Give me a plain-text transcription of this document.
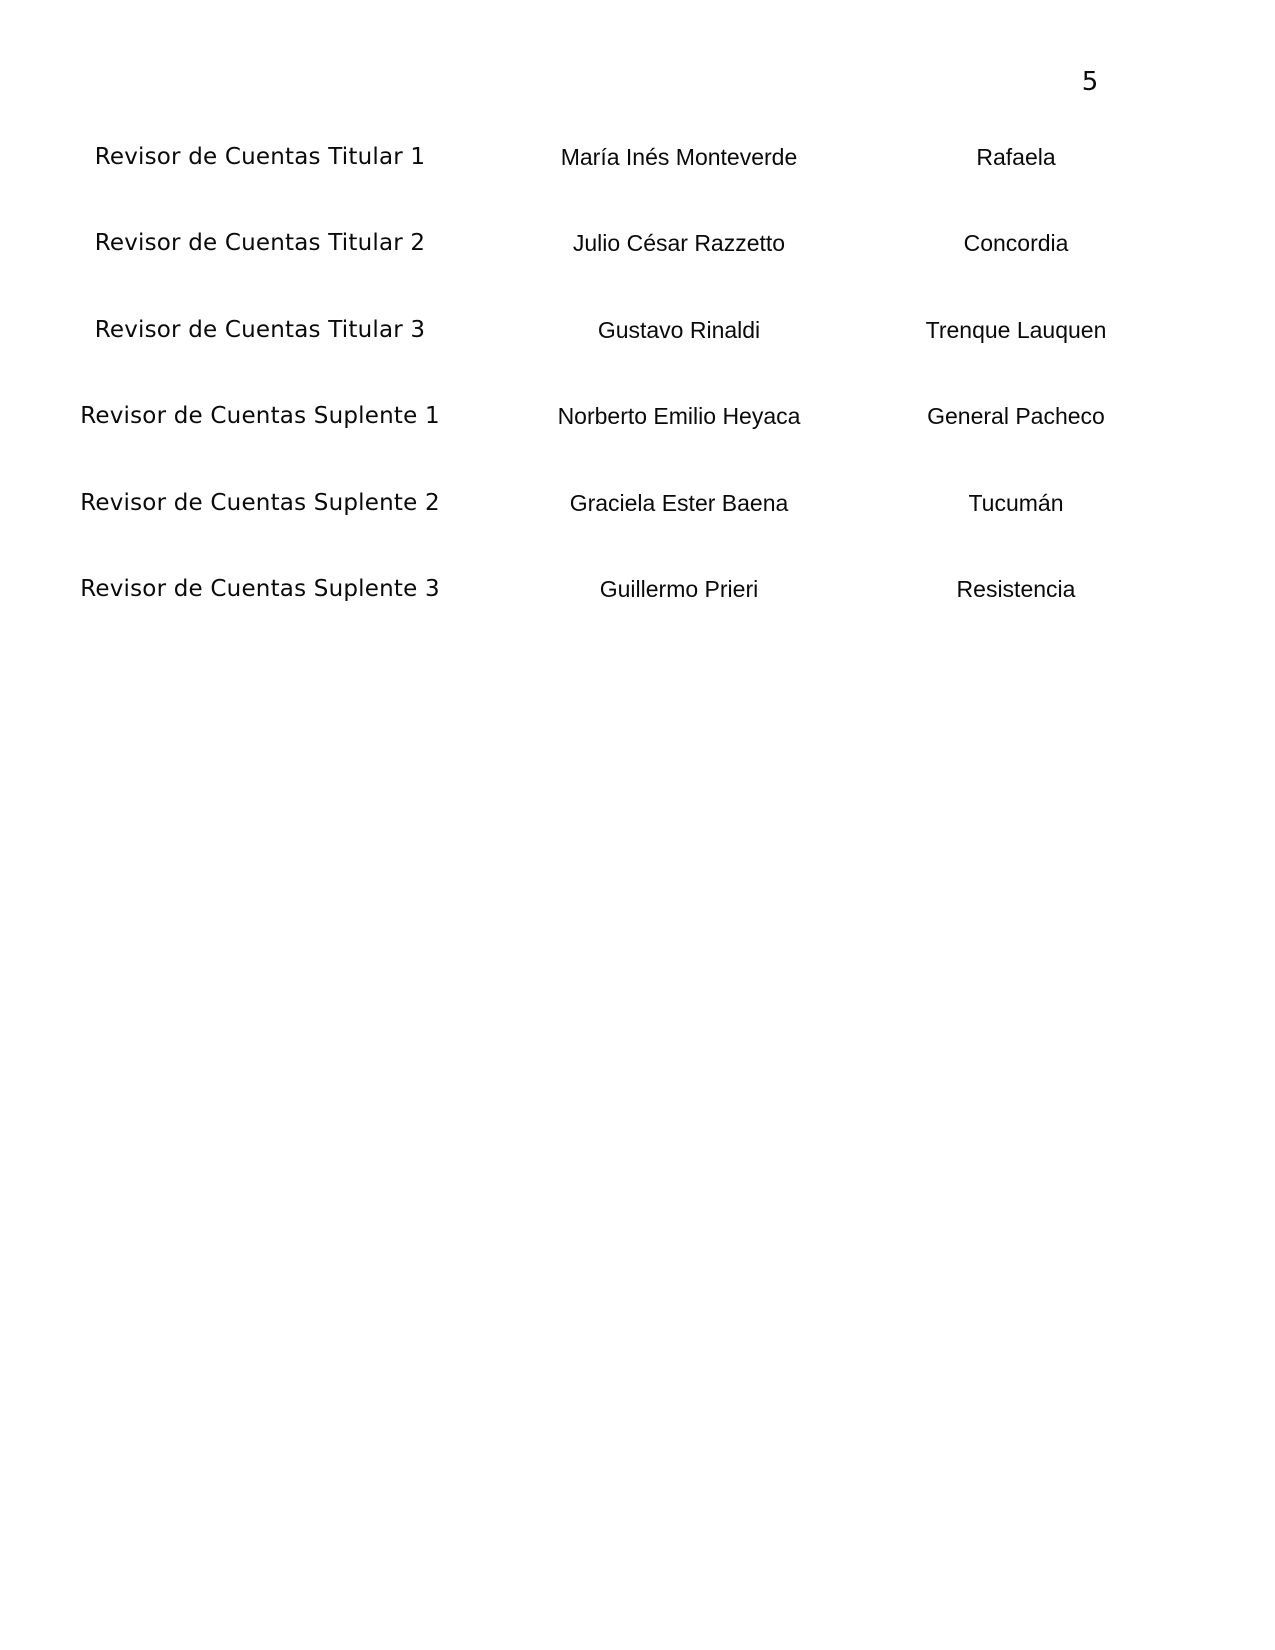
5
Revisor de Cuentas Titular 1	María Inés Monteverde	Rafaela
Revisor de Cuentas Titular 2	Julio César Razzetto	Concordia
Revisor de Cuentas Titular 3	Gustavo Rinaldi	Trenque Lauquen
Revisor de Cuentas Suplente 1	Norberto Emilio Heyaca	General Pacheco
Revisor de Cuentas Suplente 2	Graciela Ester Baena	Tucumán
Revisor de Cuentas Suplente 3	Guillermo Prieri	Resistencia
